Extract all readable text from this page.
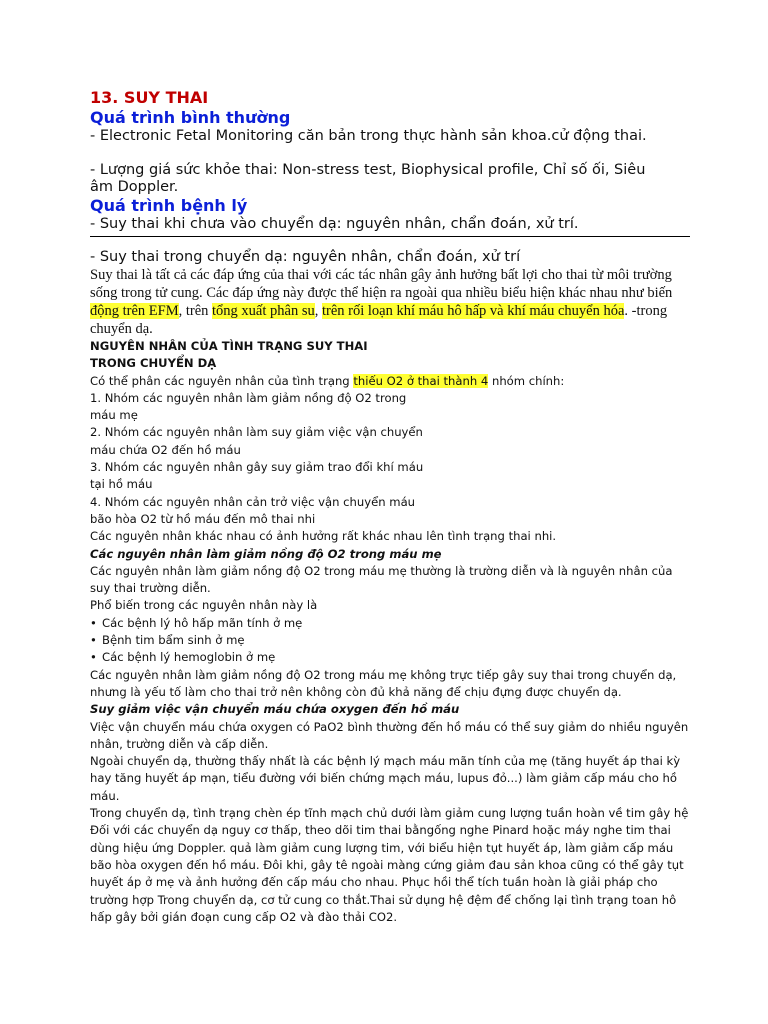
13. SUY THAI

Quá trình bình thường

- Electronic Fetal Monitoring căn bản trong thực hành sản khoa.cử động thai.

- Lượng giá sức khỏe thai: Non-stress test, Biophysical profile, Chỉ số ối, Siêu

âm Doppler.

Quá trình bệnh lý

- Suy thai khi chưa vào chuyển dạ: nguyên nhân, chẩn đoán, xử trí.

- Suy thai trong chuyển dạ: nguyên nhân, chẩn đoán, xử trí

Suy thai là tất cả các đáp ứng của thai với các tác nhân gây ảnh hưởng bất lợi cho thai từ môi trường sống trong tử cung. Các đáp ứng này được thể hiện ra ngoài qua nhiều biểu hiện khác nhau như biến động trên EFM, trên tổng xuất phân su, trên rối loạn khí máu hô hấp và khí máu chuyển hóa. -trong chuyển dạ.

NGUYÊN NHÂN CỦA TÌNH TRẠNG SUY THAI

TRONG CHUYỂN DẠ

Có thể phân các nguyên nhân của tình trạng thiếu O2 ở thai thành 4 nhóm chính:

1. Nhóm các nguyên nhân làm giảm nồng độ O2 trong

máu mẹ

2. Nhóm các nguyên nhân làm suy giảm việc vận chuyển

máu chứa O2 đến hồ máu

3. Nhóm các nguyên nhân gây suy giảm trao đổi khí máu

tại hồ máu

4. Nhóm các nguyên nhân cản trở việc vận chuyển máu

bão hòa O2 từ hồ máu đến mô thai nhi

Các nguyên nhân khác nhau có ảnh hưởng rất khác nhau lên tình trạng thai nhi.

Các nguyên nhân làm giảm nồng độ O2 trong máu mẹ

Các nguyên nhân làm giảm nồng độ O2 trong máu mẹ thường là trường diễn và là nguyên nhân của suy thai trường diễn.

Phổ biến trong các nguyên nhân này là

• Các bệnh lý hô hấp mãn tính ở mẹ
• Bệnh tim bẩm sinh ở mẹ
• Các bệnh lý hemoglobin ở mẹ

Các nguyên nhân làm giảm nồng độ O2 trong máu mẹ không trực tiếp gây suy thai trong chuyển dạ, nhưng là yếu tố làm cho thai trở nên không còn đủ khả năng để chịu đựng được chuyển dạ.

Suy giảm việc vận chuyển máu chứa oxygen đến hồ máu

Việc vận chuyển máu chứa oxygen có PaO2 bình thường đến hồ máu có thể suy giảm do nhiều nguyên nhân, trường diễn và cấp diễn.

Ngoài chuyển dạ, thường thấy nhất là các bệnh lý mạch máu mãn tính của mẹ (tăng huyết áp thai kỳ hay tăng huyết áp mạn, tiểu đường với biến chứng mạch máu, lupus đỏ...) làm giảm cấp máu cho hồ máu.

Trong chuyển dạ, tình trạng chèn ép tĩnh mạch chủ dưới làm giảm cung lượng tuần hoàn về tim gây hệ Đối với các chuyển dạ nguy cơ thấp, theo dõi tim thai bằngống nghe Pinard hoặc máy nghe tim thai dùng hiệu ứng Doppler. quả làm giảm cung lượng tim, với biểu hiện tụt huyết áp, làm giảm cấp máu bão hòa oxygen đến hồ máu. Đôi khi, gây tê ngoài màng cứng giảm đau sản khoa cũng có thể gây tụt huyết áp ở mẹ và ảnh hưởng đến cấp máu cho nhau. Phục hồi thể tích tuần hoàn là giải pháp cho trường hợp Trong chuyển dạ, cơ tử cung co thắt.Thai sử dụng hệ đệm để chống lại tình trạng toan hô hấp gây bởi gián đoạn cung cấp O2 và đào thải CO2.
